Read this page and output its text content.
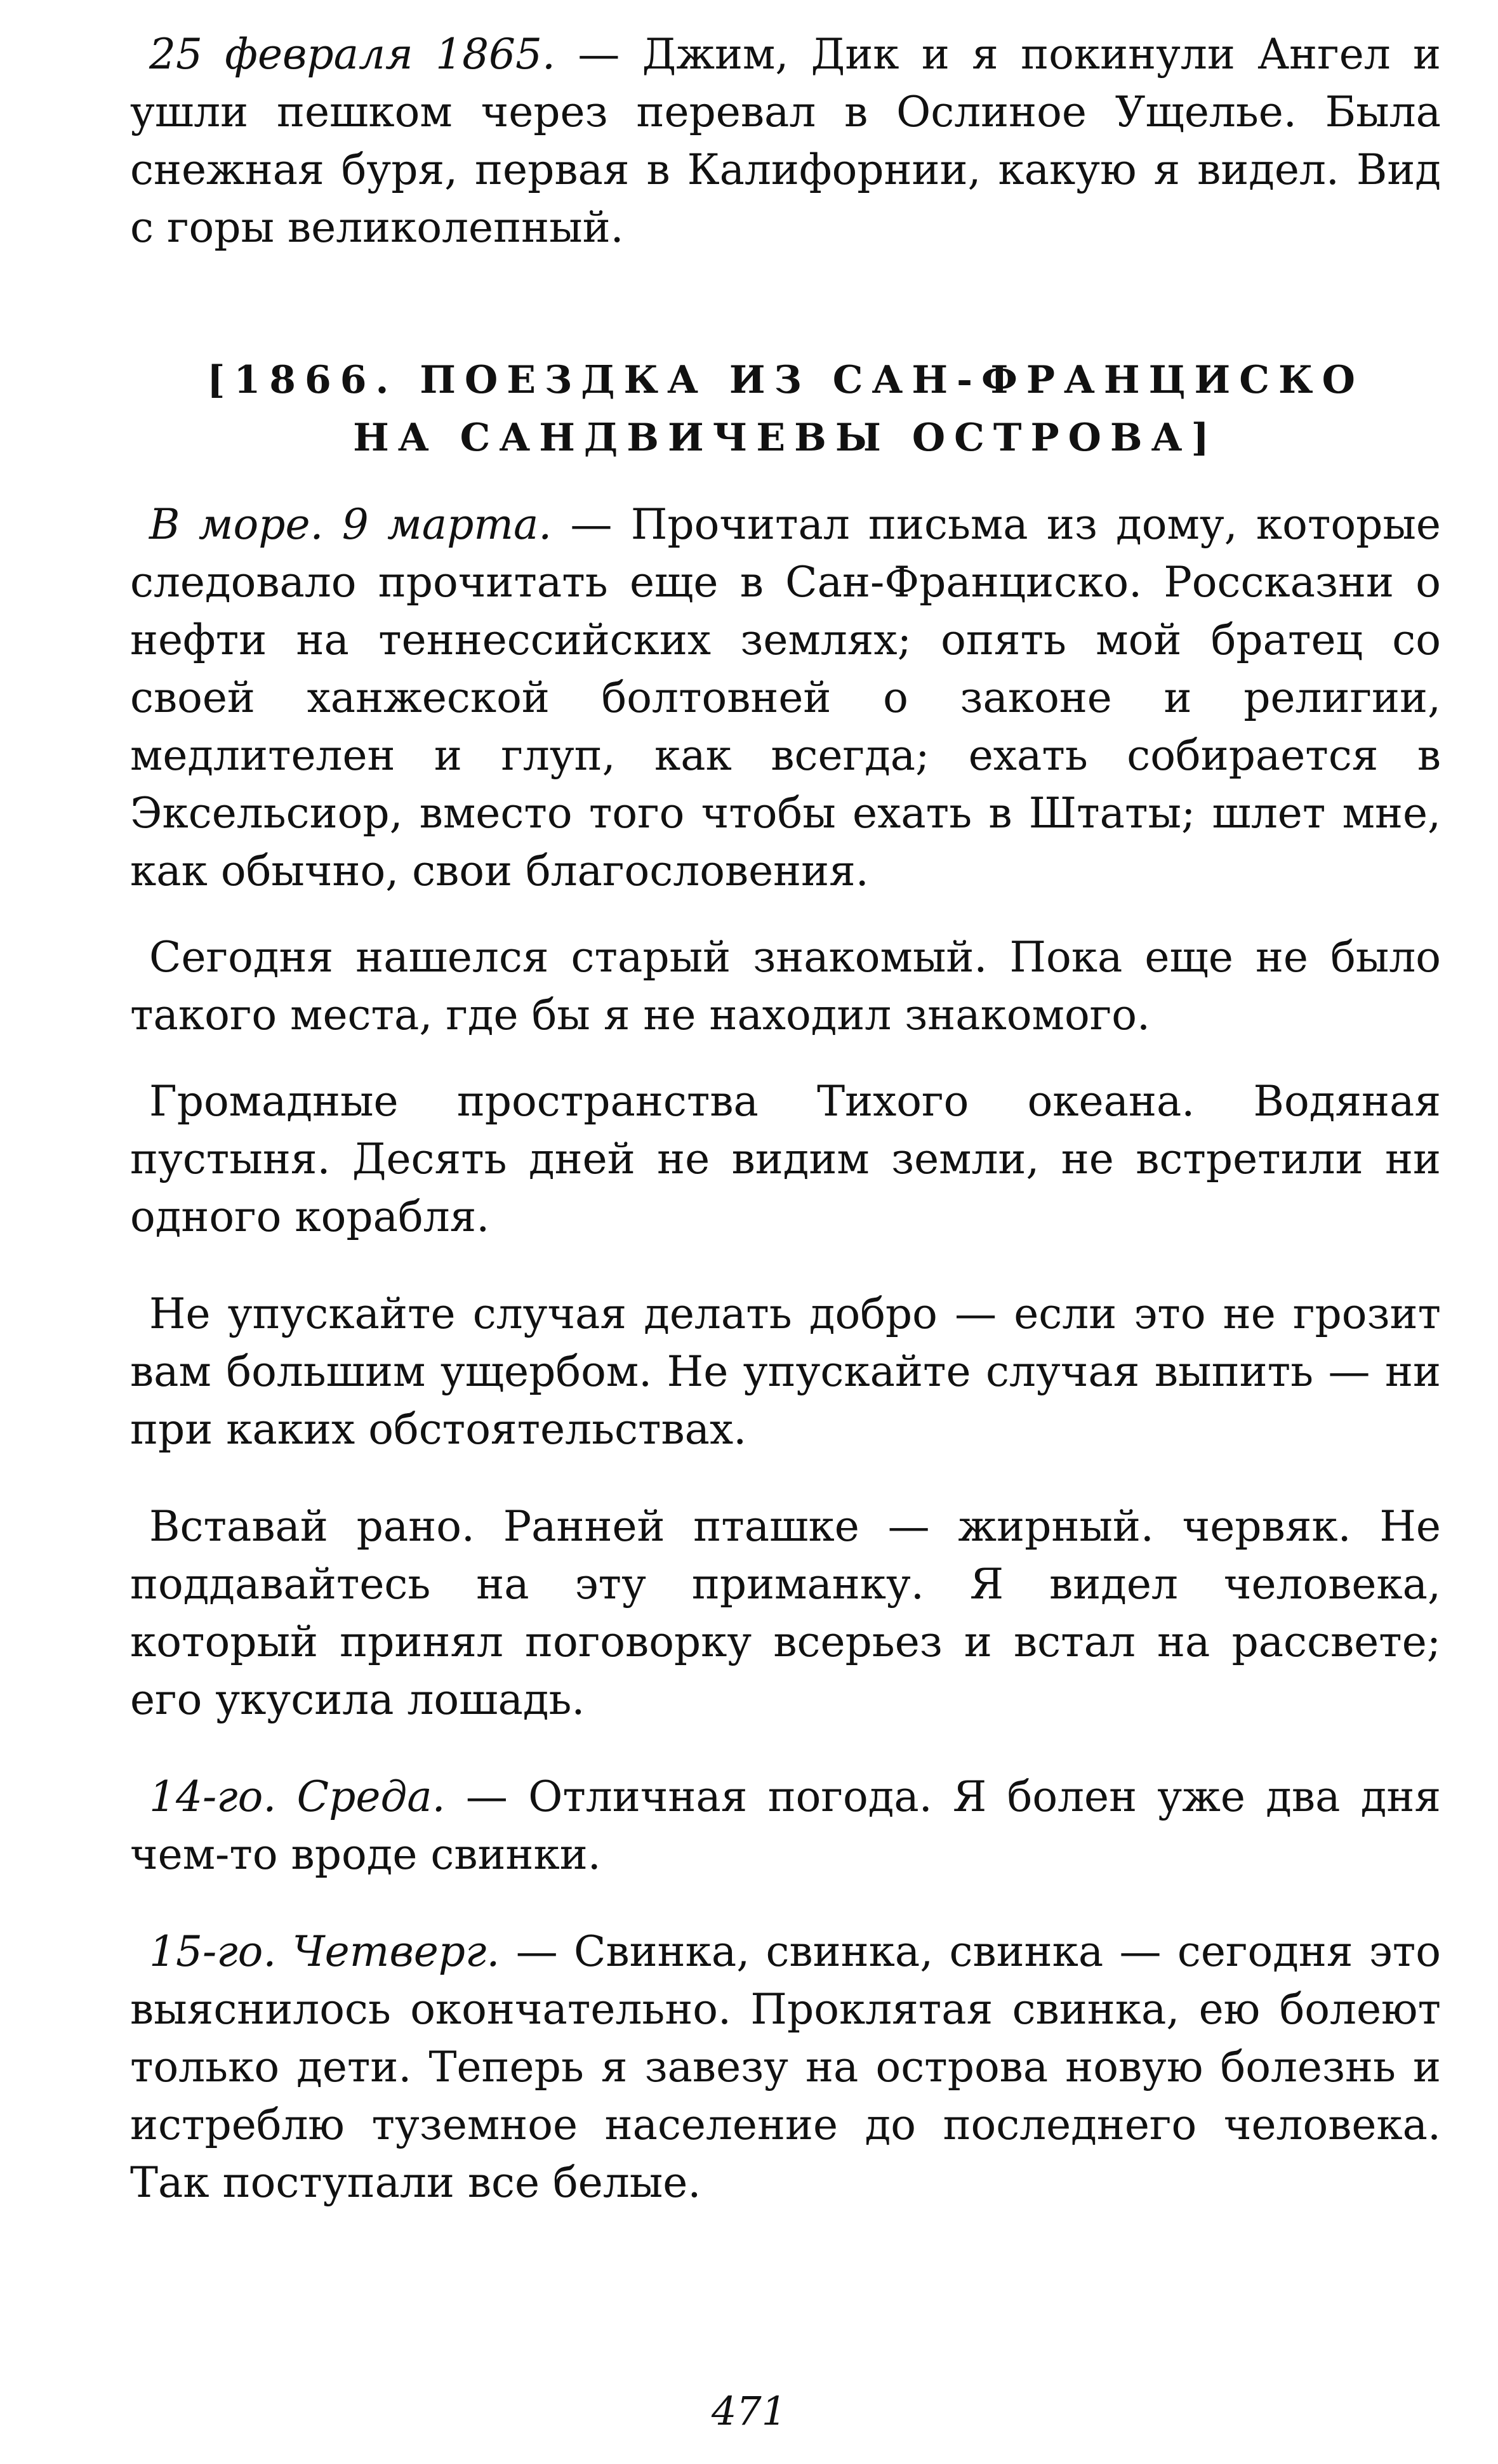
25 февраля 1865. — Джим, Дик и я покинули Ангел и ушли пешком через перевал в Ослиное Ущелье. Была снежная буря, первая в Калифорнии, какую я видел. Вид с горы великолепный.

[1866. ПОЕЗДКА ИЗ САН-ФРАНЦИСКО
НА САНДВИЧЕВЫ ОСТРОВА]

В море. 9 марта. — Прочитал письма из дому, которые следовало прочитать еще в Сан-Франциско. Россказни о нефти на теннессийских землях; опять мой братец со своей ханжеской болтовней о законе и религии, медлителен и глуп, как всегда; ехать собирается в Эксельсиор, вместо того чтобы ехать в Штаты; шлет мне, как обычно, свои благословения.

Сегодня нашелся старый знакомый. Пока еще не было такого места, где бы я не находил знакомого.

Громадные пространства Тихого океана. Водяная пустыня. Десять дней не видим земли, не встретили ни одного корабля.

Не упускайте случая делать добро — если это не грозит вам большим ущербом. Не упускайте случая выпить — ни при каких обстоятельствах.

Вставай рано. Ранней пташке — жирный. червяк. Не поддавайтесь на эту приманку. Я видел человека, который принял поговорку всерьез и встал на рассвете; его укусила лошадь.

14-го. Среда. — Отличная погода. Я болен уже два дня чем-то вроде свинки.

15-го. Четверг. — Свинка, свинка, свинка — сегодня это выяснилось окончательно. Проклятая свинка, ею болеют только дети. Теперь я завезу на острова новую болезнь и истреблю туземное население до последнего человека. Так поступали все белые.

471
